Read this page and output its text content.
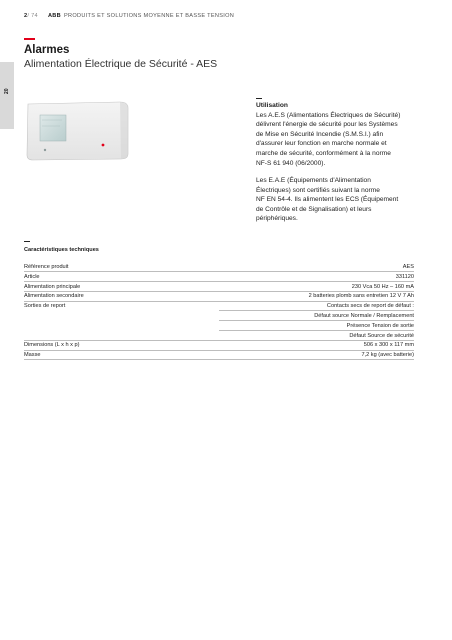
2/ 74 ABB PRODUITS ET SOLUTIONS MOYENNE ET BASSE TENSION
Alarmes
Alimentation Électrique de Sécurité - AES
20
Utilisation
Les A.E.S (Alimentations Électriques de Sécurité)
délivrent l'énergie de sécurité pour les Systèmes
de Mise en Sécurité Incendie (S.M.S.I.) afin
d'assurer leur fonction en marche normale et
marche de sécurité, conformément à la norme
NF-S 61 940 (06/2000).
Les E.A.E (Équipements d'Alimentation
Électriques) sont certifiés suivant la norme
NF EN 54-4. Ils alimentent les ECS (Équipement
de Contrôle et de Signalisation) et leurs
périphériques.
Caractéristiques techniques
Référence produit	AES
Article	331120
Alimentation principale	230 Vca 50 Hz – 160 mA
Alimentation secondaire	2 batteries plomb sans entretien 12 V 7 Ah
Sorties de report	Contacts secs de report de défaut :
Défaut source Normale / Remplacement
Présence Tension de sortie
Défaut Source de sécurité
Dimensions (L x h x p)	506 x 300 x 117 mm
Masse	7,2 kg (avec batterie)
